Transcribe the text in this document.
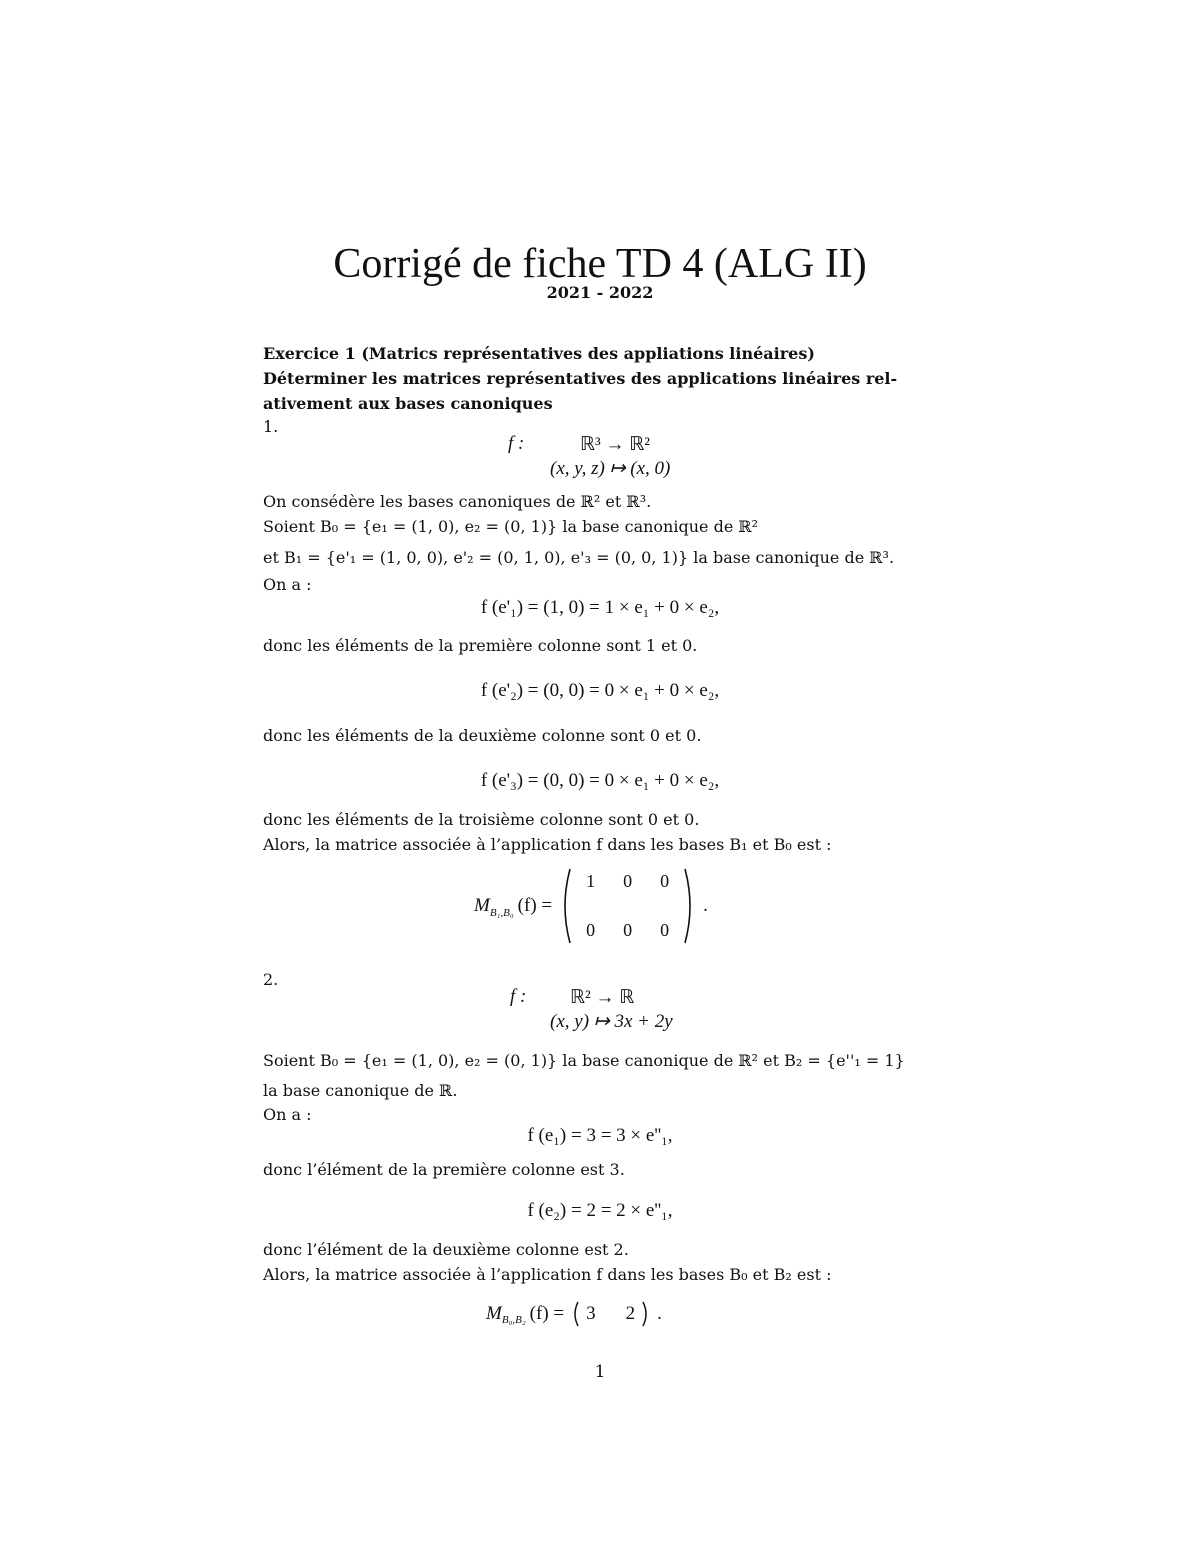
Corrigé de fiche TD 4 (ALG II)
2021 - 2022
Exercice 1 (Matrics représentatives des appliations linéaires)
Déterminer les matrices représentatives des applications linéaires rel-
ativement aux bases canoniques
1.
f :	ℝ³ → ℝ²
(x, y, z) ↦ (x, 0)
On consédère les bases canoniques de ℝ² et ℝ³.
Soient B₀ = {e₁ = (1, 0), e₂ = (0, 1)} la base canonique de ℝ²
et B₁ = {e'₁ = (1, 0, 0), e'₂ = (0, 1, 0), e'₃ = (0, 0, 1)} la base canonique de ℝ³.
On a :
f (e'₁) = (1, 0) = 1 × e₁ + 0 × e₂,
donc les éléments de la première colonne sont 1 et 0.
f (e'₂) = (0, 0) = 0 × e₁ + 0 × e₂,
donc les éléments de la deuxième colonne sont 0 et 0.
f (e'₃) = (0, 0) = 0 × e₁ + 0 × e₂,
donc les éléments de la troisième colonne sont 0 et 0.
Alors, la matrice associée à l’application f dans les bases B₁ et B₀ est :
$M_{B_1,B_0}$ (f) =
1	0	0
0	0	0
.
2.
f : ℝ² → ℝ
(x, y) ↦ 3x + 2y
Soient B₀ = {e₁ = (1, 0), e₂ = (0, 1)} la base canonique de ℝ² et B₂ = {e''₁ = 1}
la base canonique de ℝ.
On a :
f (e₁) = 3 = 3 × e''₁,
donc l’élément de la première colonne est 3.
f (e₂) = 2 = 2 × e''₁,
donc l’élément de la deuxième colonne est 2.
Alors, la matrice associée à l’application f dans les bases B₀ et B₂ est :
$M_{B_0,B_2}$ (f) = 3 2 .
1
